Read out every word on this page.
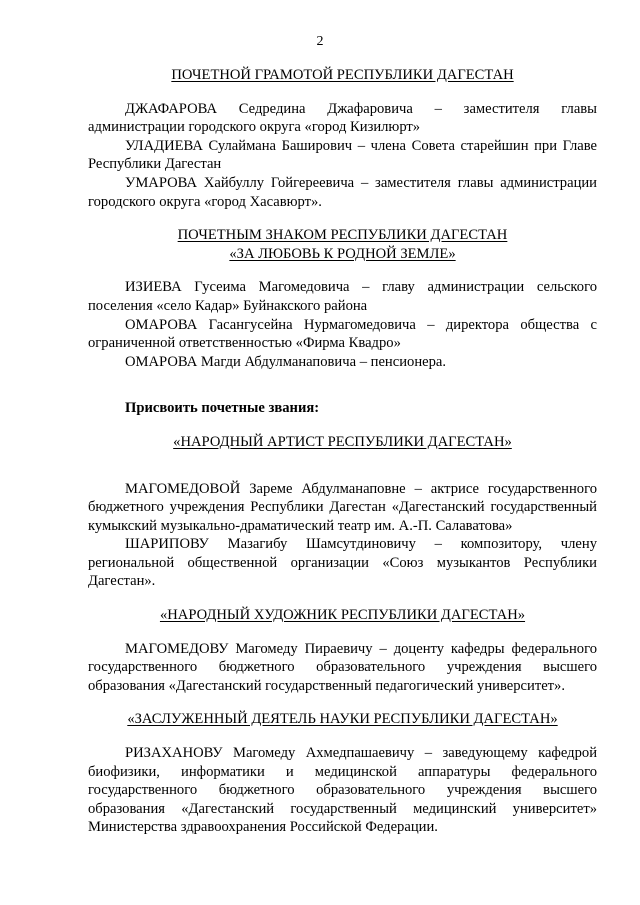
2

ПОЧЕТНОЙ ГРАМОТОЙ РЕСПУБЛИКИ ДАГЕСТАН

ДЖАФАРОВА Седредина Джафаровича – заместителя главы администрации городского округа «город Кизилюрт»

УЛАДИЕВА Сулаймана Баширович – члена Совета старейшин при Главе Республики Дагестан

УМАРОВА Хайбуллу Гойгереевича – заместителя главы администрации городского округа «город Хасавюрт».

ПОЧЕТНЫМ ЗНАКОМ РЕСПУБЛИКИ ДАГЕСТАН

«ЗА ЛЮБОВЬ К РОДНОЙ ЗЕМЛЕ»

ИЗИЕВА Гусеима Магомедовича – главу администрации сельского поселения «село Кадар» Буйнакского района

ОМАРОВА Гасангусейна Нурмагомедовича – директора общества с ограниченной ответственностью «Фирма Квадро»

ОМАРОВА Магди Абдулманаповича – пенсионера.

Присвоить почетные звания:

«НАРОДНЫЙ АРТИСТ РЕСПУБЛИКИ ДАГЕСТАН»

МАГОМЕДОВОЙ Зареме Абдулманаповне – актрисе государственного бюджетного учреждения Республики Дагестан «Дагестанский государственный кумыкский музыкально-драматический театр им. А.-П. Салаватова»

ШАРИПОВУ Мазагибу Шамсутдиновичу – композитору, члену региональной общественной организации «Союз музыкантов Республики Дагестан».

«НАРОДНЫЙ ХУДОЖНИК РЕСПУБЛИКИ ДАГЕСТАН»

МАГОМЕДОВУ Магомеду Пираевичу – доценту кафедры федерального государственного бюджетного образовательного учреждения высшего образования «Дагестанский государственный педагогический университет».

«ЗАСЛУЖЕННЫЙ ДЕЯТЕЛЬ НАУКИ РЕСПУБЛИКИ ДАГЕСТАН»

РИЗАХАНОВУ Магомеду Ахмедпашаевичу – заведующему кафедрой биофизики, информатики и медицинской аппаратуры федерального государственного бюджетного образовательного учреждения высшего образования «Дагестанский государственный медицинский университет» Министерства здравоохранения Российской Федерации.
